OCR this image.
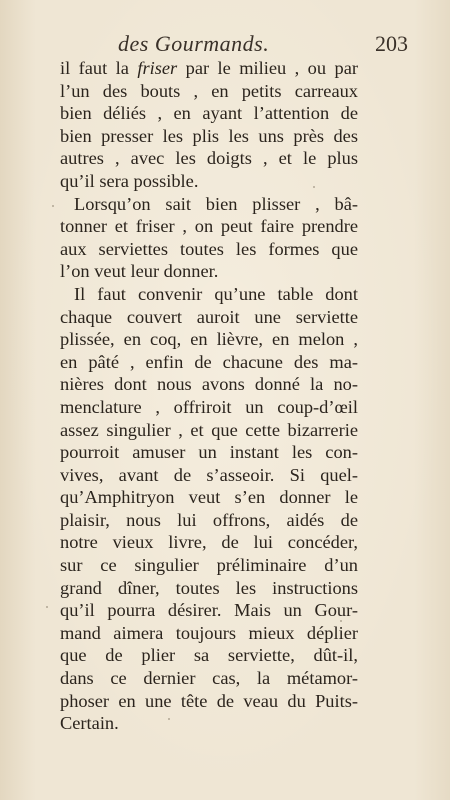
des Gourmands.	203
il faut la friser par le milieu , ou par
l’un des bouts , en petits carreaux
bien déliés , en ayant l’attention de
bien presser les plis les uns près des
autres , avec les doigts , et le plus
qu’il sera possible.
Lorsqu’on sait bien plisser , bâ-
tonner et friser , on peut faire prendre
aux serviettes toutes les formes que
l’on veut leur donner.
Il faut convenir qu’une table dont
chaque couvert auroit une serviette
plissée, en coq, en lièvre, en melon ,
en pâté , enfin de chacune des ma-
nières dont nous avons donné la no-
menclature , offriroit un coup-d’œil
assez singulier , et que cette bizarrerie
pourroit amuser un instant les con-
vives, avant de s’asseoir. Si quel-
qu’Amphitryon veut s’en donner le
plaisir, nous lui offrons, aidés de
notre vieux livre, de lui concéder,
sur ce singulier préliminaire d’un
grand dîner, toutes les instructions
qu’il pourra désirer. Mais un Gour-
mand aimera toujours mieux déplier
que de plier sa serviette, dût-il,
dans ce dernier cas, la métamor-
phoser en une tête de veau du Puits-
Certain.
